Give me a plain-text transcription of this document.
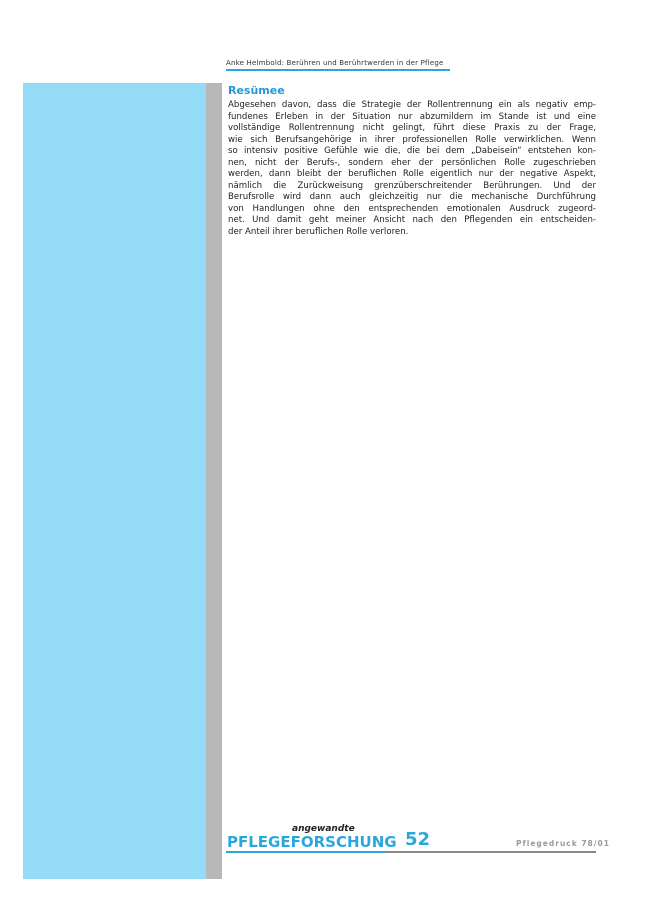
Anke Helmbold: Berühren und Berührtwerden in der Pflege
Resümee
Abgesehen davon, dass die Strategie der Rollentrennung ein als negativ emp-
fundenes Erleben in der Situation nur abzumildern im Stande ist und eine
vollständige Rollentrennung nicht gelingt, führt diese Praxis zu der Frage,
wie sich Berufsangehörige in ihrer professionellen Rolle verwirklichen. Wenn
so intensiv positive Gefühle wie die, die bei dem „Dabeisein“ entstehen kon-
nen, nicht der Berufs-, sondern eher der persönlichen Rolle zugeschrieben
werden, dann bleibt der beruflichen Rolle eigentlich nur der negative Aspekt,
nämlich die Zurückweisung grenzüberschreitender Berührungen. Und der
Berufsrolle wird dann auch gleichzeitig nur die mechanische Durchführung
von Handlungen ohne den entsprechenden emotionalen Ausdruck zugeord-
net. Und damit geht meiner Ansicht nach den Pflegenden ein entscheiden-
der Anteil ihrer beruflichen Rolle verloren.
angewandte
PFLEGEFORSCHUNG 52	Pflegedruck 78/01
